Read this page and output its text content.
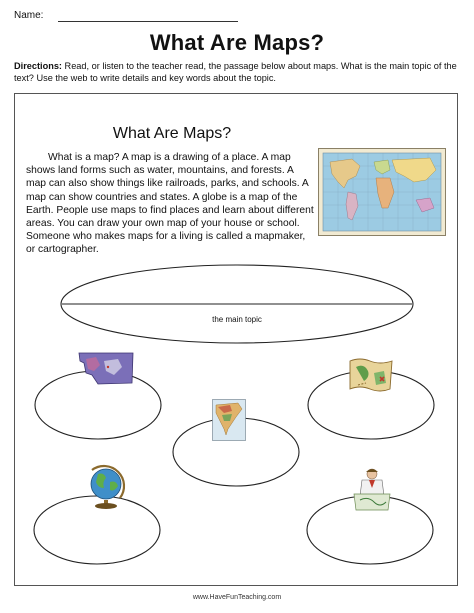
Name:
What Are Maps?
Directions: Read, or listen to the teacher read, the passage below about maps. What is the main topic of the text? Use the web to write details and key words about the topic.
What Are Maps?
What is a map? A map is a drawing of a place. A map shows land forms such as water, mountains, and forests. A map can also show things like railroads, parks, and schools. A map can show countries and states. A globe is a map of the Earth. People use maps to find places and learn about different areas. You can draw your own map of your house or school. Someone who makes maps for a living is called a mapmaker, or cartographer.
the main topic
www.HaveFunTeaching.com
